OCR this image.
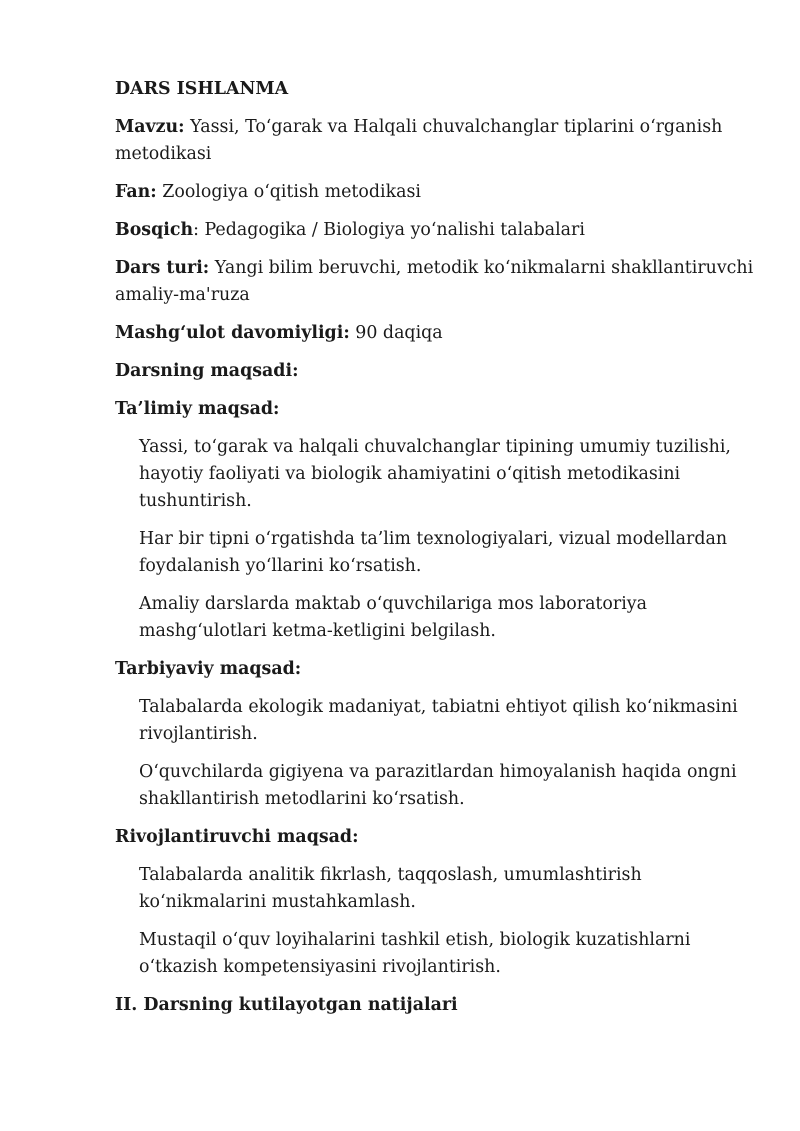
DARS ISHLANMA

Mavzu: Yassi, To‘garak va Halqali chuvalchanglar tiplarini o‘rganish metodikasi

Fan: Zoologiya o‘qitish metodikasi

Bosqich: Pedagogika / Biologiya yo‘nalishi talabalari

Dars turi: Yangi bilim beruvchi, metodik ko‘nikmalarni shakllantiruvchi amaliy-ma'ruza

Mashg‘ulot davomiyligi: 90 daqiqa

Darsning maqsadi:

Ta’limiy maqsad:

Yassi, to‘garak va halqali chuvalchanglar tipining umumiy tuzilishi, hayotiy faoliyati va biologik ahamiyatini o‘qitish metodikasini tushuntirish.

Har bir tipni o‘rgatishda ta’lim texnologiyalari, vizual modellardan foydalanish yo‘llarini ko‘rsatish.

Amaliy darslarda maktab o‘quvchilariga mos laboratoriya mashg‘ulotlari ketma-ketligini belgilash.

Tarbiyaviy maqsad:

Talabalarda ekologik madaniyat, tabiatni ehtiyot qilish ko‘nikmasini rivojlantirish.

O‘quvchilarda gigiyena va parazitlardan himoyalanish haqida ongni shakllantirish metodlarini ko‘rsatish.

Rivojlantiruvchi maqsad:

Talabalarda analitik fikrlash, taqqoslash, umumlashtirish ko‘nikmalarini mustahkamlash.

Mustaqil o‘quv loyihalarini tashkil etish, biologik kuzatishlarni o‘tkazish kompetensiyasini rivojlantirish.

II. Darsning kutilayotgan natijalari
